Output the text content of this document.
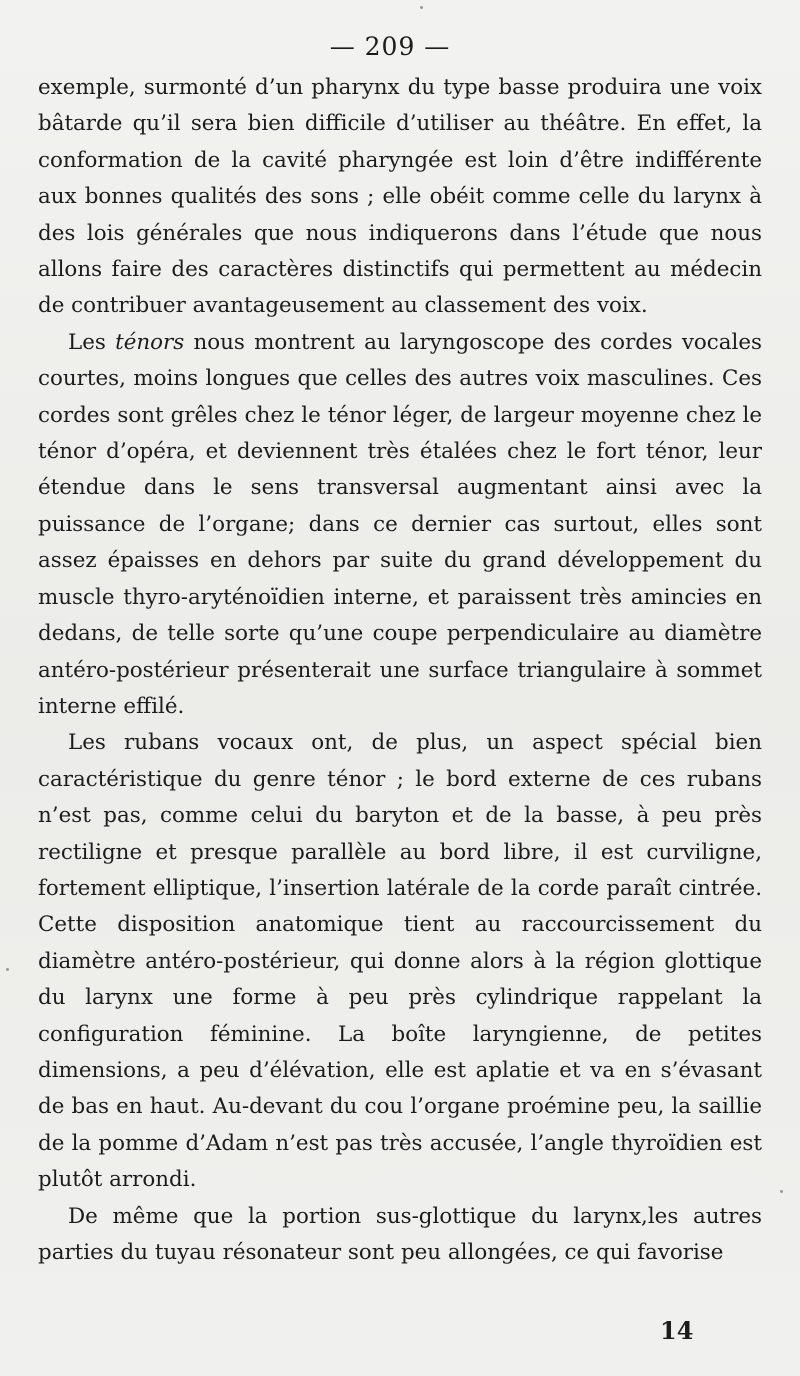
— 209 —

exemple, surmonté d’un pharynx du type basse produira une voix bâtarde qu’il sera bien difficile d’utiliser au théâtre. En effet, la conformation de la cavité pharyngée est loin d’être indifférente aux bonnes qualités des sons ; elle obéit comme celle du larynx à des lois générales que nous indiquerons dans l’étude que nous allons faire des caractères distinctifs qui permettent au médecin de contribuer avantageusement au classement des voix.

Les ténors nous montrent au laryngoscope des cordes vocales courtes, moins longues que celles des autres voix masculines. Ces cordes sont grêles chez le ténor léger, de largeur moyenne chez le ténor d’opéra, et deviennent très étalées chez le fort ténor, leur étendue dans le sens transversal augmentant ainsi avec la puissance de l’organe; dans ce dernier cas surtout, elles sont assez épaisses en dehors par suite du grand développement du muscle thyro-aryténoïdien interne, et paraissent très amincies en dedans, de telle sorte qu’une coupe perpendiculaire au diamètre antéro-postérieur présenterait une surface triangulaire à sommet interne effilé.

Les rubans vocaux ont, de plus, un aspect spécial bien caractéristique du genre ténor ; le bord externe de ces rubans n’est pas, comme celui du baryton et de la basse, à peu près rectiligne et presque parallèle au bord libre, il est curviligne, fortement elliptique, l’insertion latérale de la corde paraît cintrée. Cette disposition anatomique tient au raccourcissement du diamètre antéro-postérieur, qui donne alors à la région glottique du larynx une forme à peu près cylindrique rappelant la configuration féminine. La boîte laryngienne, de petites dimensions, a peu d’élévation, elle est aplatie et va en s’évasant de bas en haut. Au-devant du cou l’organe proémine peu, la saillie de la pomme d’Adam n’est pas très accusée, l’angle thyroïdien est plutôt arrondi.

De même que la portion sus-glottique du larynx,les autres parties du tuyau résonateur sont peu allongées, ce qui favorise

14
